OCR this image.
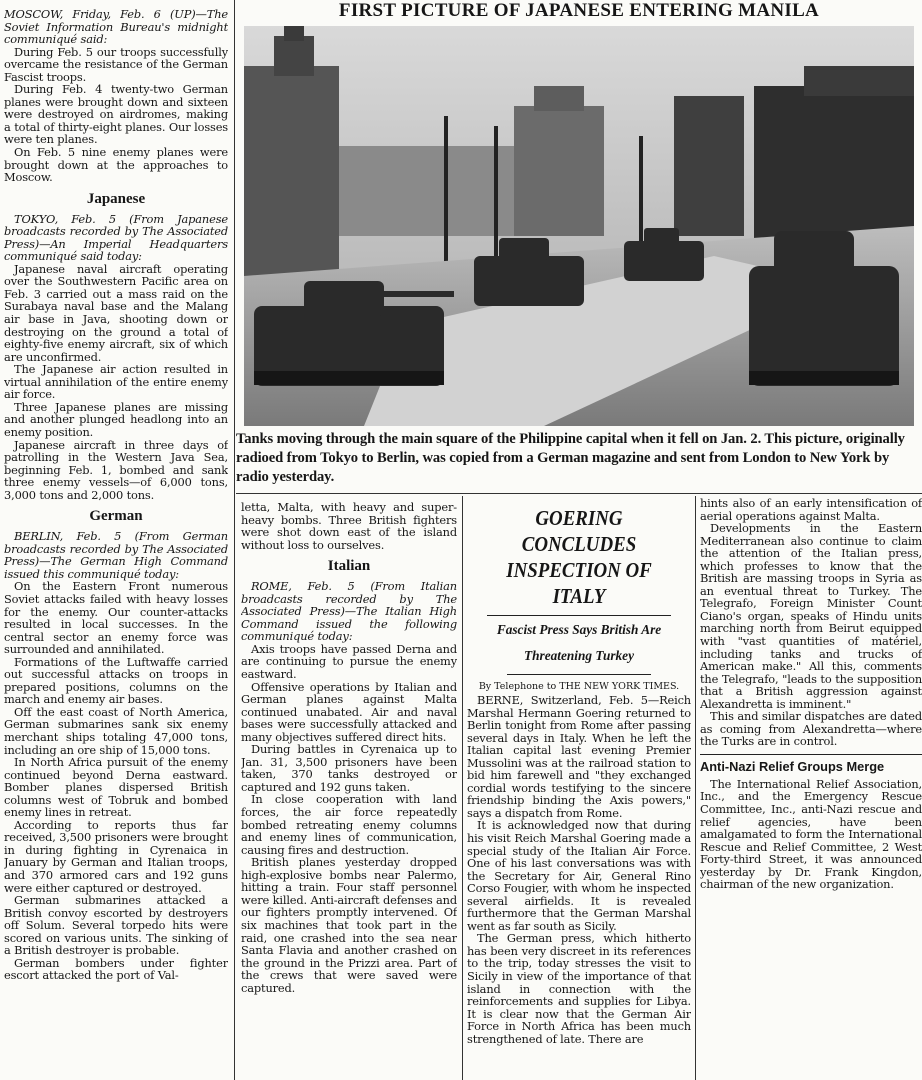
FIRST PICTURE OF JAPANESE ENTERING MANILA
Tanks moving through the main square of the Philippine capital when it fell on Jan. 2. This picture, originally radioed from Tokyo to Berlin, was copied from a German magazine and sent from London to New York by radio yesterday.

MOSCOW, Friday, Feb. 6 (UP)—The Soviet Information Bureau's midnight communiqué said:

During Feb. 5 our troops successfully overcame the resistance of the German Fascist troops.

During Feb. 4 twenty-two German planes were brought down and sixteen were destroyed on airdromes, making a total of thirty-eight planes. Our losses were ten planes.

On Feb. 5 nine enemy planes were brought down at the approaches to Moscow.

Japanese

TOKYO, Feb. 5 (From Japanese broadcasts recorded by The Associated Press)—An Imperial Headquarters communiqué said today:

Japanese naval aircraft operating over the Southwestern Pacific area on Feb. 3 carried out a mass raid on the Surabaya naval base and the Malang air base in Java, shooting down or destroying on the ground a total of eighty-five enemy aircraft, six of which are unconfirmed.

The Japanese air action resulted in virtual annihilation of the entire enemy air force.

Three Japanese planes are missing and another plunged headlong into an enemy position.

Japanese aircraft in three days of patrolling in the Western Java Sea, beginning Feb. 1, bombed and sank three enemy vessels—of 6,000 tons, 3,000 tons and 2,000 tons.

German

BERLIN, Feb. 5 (From German broadcasts recorded by The Associated Press)—The German High Command issued this communiqué today:

On the Eastern Front numerous Soviet attacks failed with heavy losses for the enemy. Our counter-attacks resulted in local successes. In the central sector an enemy force was surrounded and annihilated.

Formations of the Luftwaffe carried out successful attacks on troops in prepared positions, columns on the march and enemy air bases.

Off the east coast of North America, German submarines sank six enemy merchant ships totaling 47,000 tons, including an ore ship of 15,000 tons.

In North Africa pursuit of the enemy continued beyond Derna eastward. Bomber planes dispersed British columns west of Tobruk and bombed enemy lines in retreat.

According to reports thus far received, 3,500 prisoners were brought in during fighting in Cyrenaica in January by German and Italian troops, and 370 armored cars and 192 guns were either captured or destroyed.

German submarines attacked a British convoy escorted by destroyers off Solum. Several torpedo hits were scored on various units. The sinking of a British destroyer is probable.

German bombers under fighter escort attacked the port of Val-

letta, Malta, with heavy and super-heavy bombs. Three British fighters were shot down east of the island without loss to ourselves.

Italian

ROME, Feb. 5 (From Italian broadcasts recorded by The Associated Press)—The Italian High Command issued the following communiqué today:

Axis troops have passed Derna and are continuing to pursue the enemy eastward.

Offensive operations by Italian and German planes against Malta continued unabated. Air and naval bases were successfully attacked and many objectives suffered direct hits.

During battles in Cyrenaica up to Jan. 31, 3,500 prisoners have been taken, 370 tanks destroyed or captured and 192 guns taken.

In close cooperation with land forces, the air force repeatedly bombed retreating enemy columns and enemy lines of communication, causing fires and destruction.

British planes yesterday dropped high-explosive bombs near Palermo, hitting a train. Four staff personnel were killed. Anti-aircraft defenses and our fighters promptly intervened. Of six machines that took part in the raid, one crashed into the sea near Santa Flavia and another crashed on the ground in the Prizzi area. Part of the crews that were saved were captured.

GOERING CONCLUDES INSPECTION OF ITALY
Fascist Press Says British Are Threatening Turkey
By Telephone to THE NEW YORK TIMES.

BERNE, Switzerland, Feb. 5—Reich Marshal Hermann Goering returned to Berlin tonight from Rome after passing several days in Italy. When he left the Italian capital last evening Premier Mussolini was at the railroad station to bid him farewell and "they exchanged cordial words testifying to the sincere friendship binding the Axis powers," says a dispatch from Rome.

It is acknowledged now that during his visit Reich Marshal Goering made a special study of the Italian Air Force. One of his last conversations was with the Secretary for Air, General Rino Corso Fougier, with whom he inspected several airfields. It is revealed furthermore that the German Marshal went as far south as Sicily.

The German press, which hitherto has been very discreet in its references to the trip, today stresses the visit to Sicily in view of the importance of that island in connection with the reinforcements and supplies for Libya. It is clear now that the German Air Force in North Africa has been much strengthened of late. There are

hints also of an early intensification of aerial operations against Malta.

Developments in the Eastern Mediterranean also continue to claim the attention of the Italian press, which professes to know that the British are massing troops in Syria as an eventual threat to Turkey. The Telegrafo, Foreign Minister Count Ciano's organ, speaks of Hindu units marching north from Beirut equipped with "vast quantities of matériel, including tanks and trucks of American make." All this, comments the Telegrafo, "leads to the supposition that a British aggression against Alexandretta is imminent."

This and similar dispatches are dated as coming from Alexandretta—where the Turks are in control.

Anti-Nazi Relief Groups Merge

The International Relief Association, Inc., and the Emergency Rescue Committee, Inc., anti-Nazi rescue and relief agencies, have been amalgamated to form the International Rescue and Relief Committee, 2 West Forty-third Street, it was announced yesterday by Dr. Frank Kingdon, chairman of the new organization.
